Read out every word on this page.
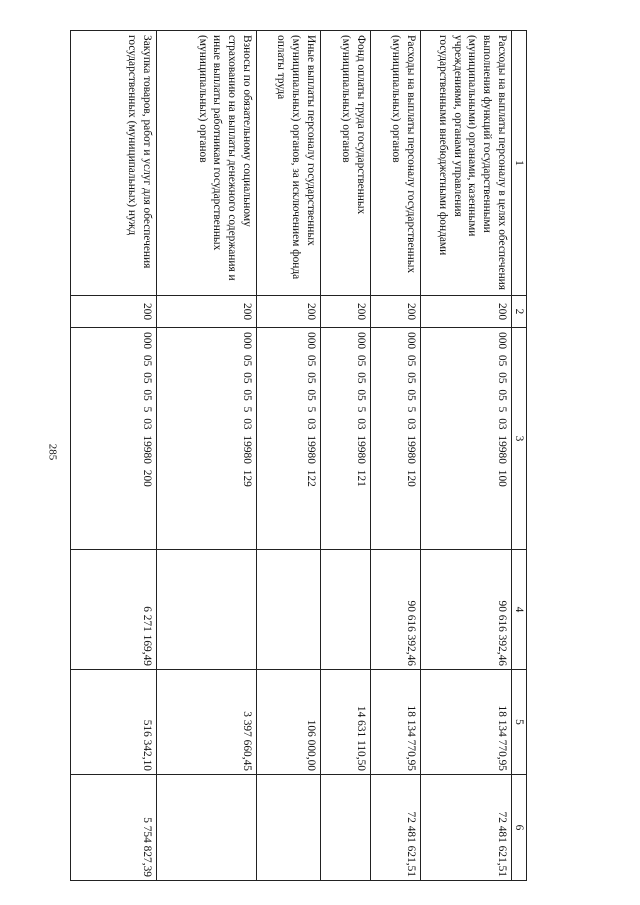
285
1	2	3	4	5	6
Расходы на выплаты персоналу в целях обеспечения выполнения функций государственными (муниципальными) органами, казенными учреждениями, органами управления государственными внебюджетными фондами	200	000 05 05 05 5 03 19980 100	90 616 392,46	18 134 770,95	72 481 621,51
Расходы на выплаты персоналу государственных (муниципальных) органов	200	000 05 05 05 5 03 19980 120	90 616 392,46	18 134 770,95	72 481 621,51
Фонд оплаты труда государственных (муниципальных) органов	200	000 05 05 05 5 03 19980 121		14 631 110,50	
Иные выплаты персоналу государственных (муниципальных) органов, за исключением фонда оплаты труда	200	000 05 05 05 5 03 19980 122		106 000,00	
Взносы по обязательному социальному страхованию на выплаты денежного содержания и иные выплаты работникам государственных (муниципальных) органов	200	000 05 05 05 5 03 19980 129		3 397 660,45	
Закупка товаров, работ и услуг для обеспечения государственных (муниципальных) нужд	200	000 05 05 05 5 03 19980 200	6 271 169,49	516 342,10	5 754 827,39
